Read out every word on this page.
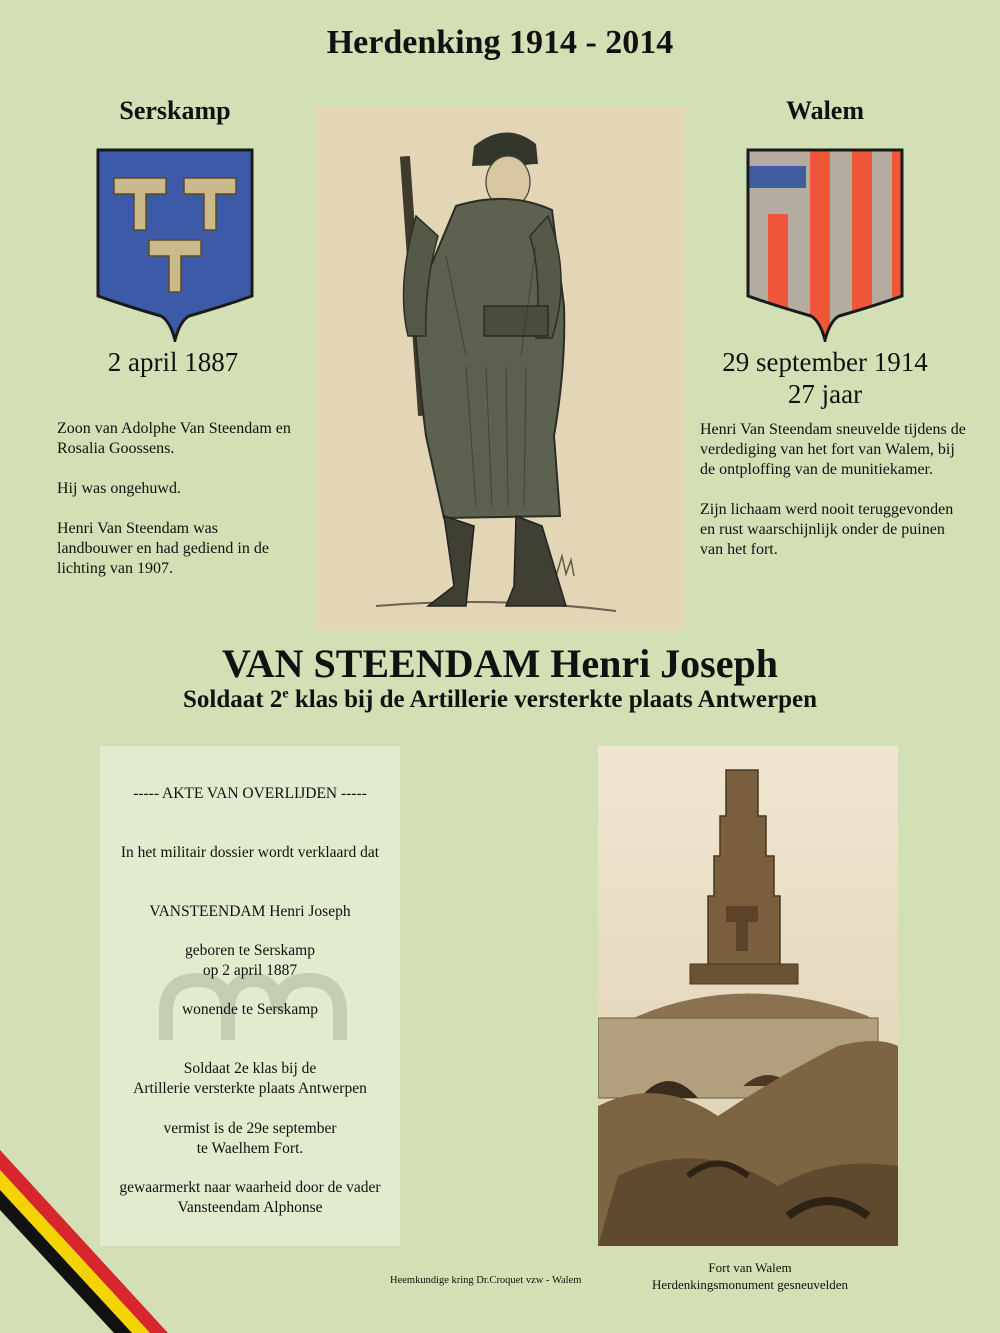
Herdenking 1914 - 2014
Serskamp
2 april 1887

Zoon van Adolphe Van Steendam en Rosalia Goossens.

Hij was ongehuwd.

Henri Van Steendam was landbouwer en had gediend in de lichting van 1907.

Walem
29 september 1914
27 jaar

Henri Van Steendam sneuvelde tijdens de verdediging van het fort van Walem, bij de ontploffing van de munitiekamer.

Zijn lichaam werd nooit teruggevonden en rust waarschijnlijk onder de puinen van het fort.

VAN STEENDAM Henri Joseph
Soldaat 2e klas bij de Artillerie versterkte plaats Antwerpen
----- AKTE VAN OVERLIJDEN -----
In het militair dossier wordt verklaard dat
VANSTEENDAM Henri Joseph
geboren te Serskamp
op 2 april 1887
wonende te Serskamp
Soldaat 2e klas bij de
Artillerie versterkte plaats Antwerpen
vermist is de 29e september
te Waelhem Fort.
gewaarmerkt naar waarheid door de vader
Vansteendam Alphonse
Fort van Walem
Herdenkingsmonument gesneuvelden
Heemkundige kring Dr.Croquet vzw - Walem
